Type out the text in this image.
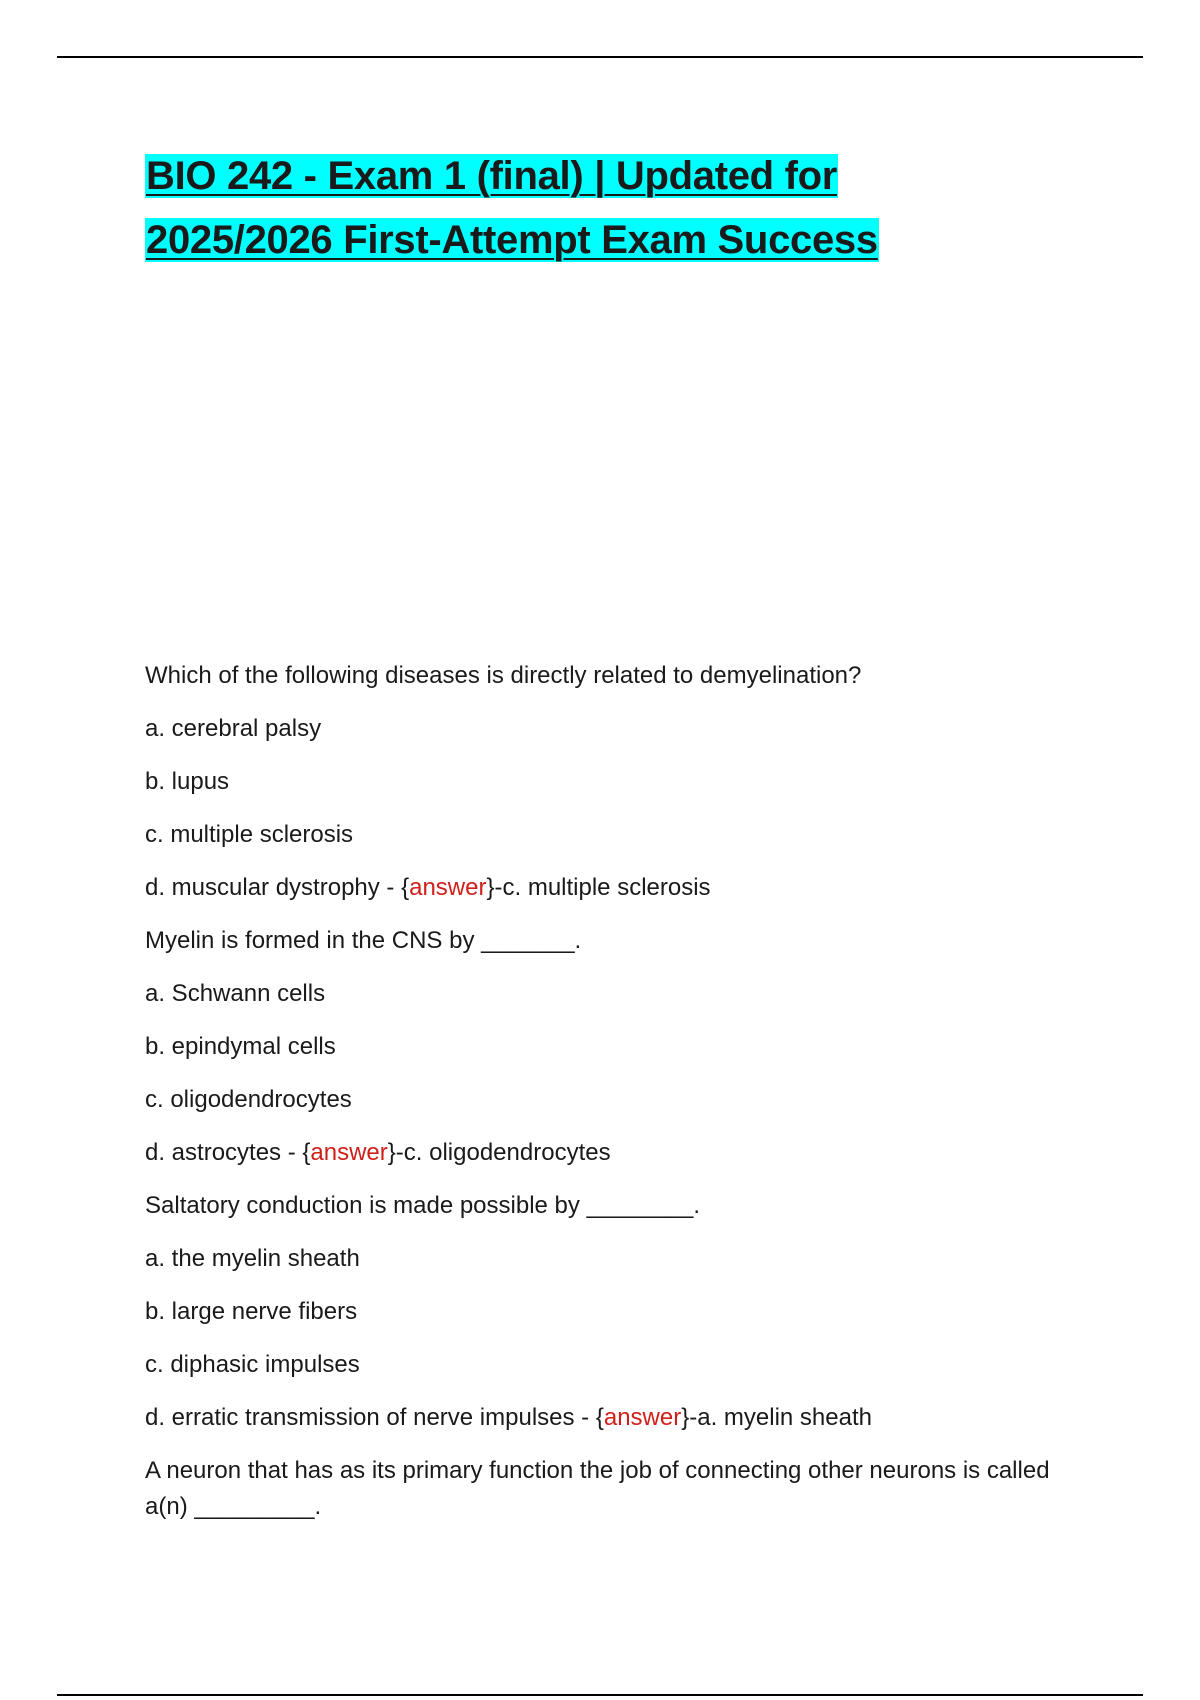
BIO 242 - Exam 1 (final) | Updated for
2025/2026 First-Attempt Exam Success

Which of the following diseases is directly related to demyelination?

a. cerebral palsy

b. lupus

c. multiple sclerosis

d. muscular dystrophy - {answer}-c. multiple sclerosis

Myelin is formed in the CNS by _______.

a. Schwann cells

b. epindymal cells

c. oligodendrocytes

d. astrocytes - {answer}-c. oligodendrocytes

Saltatory conduction is made possible by ________.

a. the myelin sheath

b. large nerve fibers

c. diphasic impulses

d. erratic transmission of nerve impulses - {answer}-a. myelin sheath

A neuron that has as its primary function the job of connecting other neurons is called a(n) _________.
